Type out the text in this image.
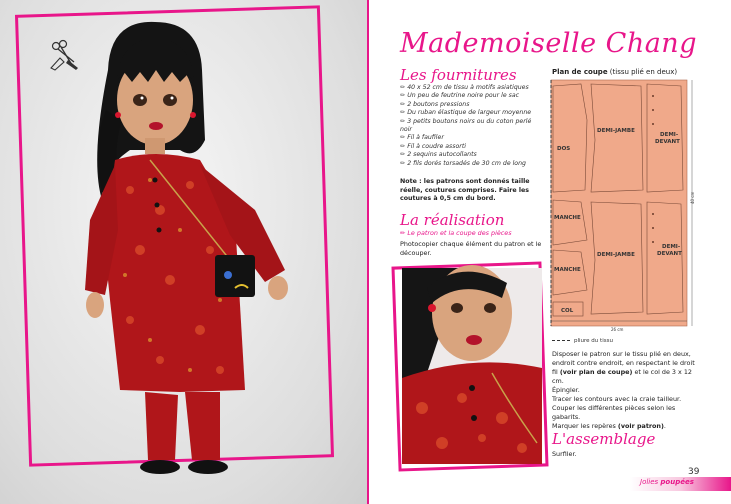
Mademoiselle Chang
Les fournitures
✏ 40 x 52 cm de tissu à motifs asiatiques
✏ Un peu de feutrine noire pour le sac
✏ 2 boutons pressions
✏ Du ruban élastique de largeur moyenne
✏ 3 petits boutons noirs ou du coton perlé noir
✏ Fil à faufiler
✏ Fil à coudre assorti
✏ 2 sequins autocollants
✏ 2 fils dorés torsadés de 30 cm de long
Note : les patrons sont donnés taille réelle, coutures comprises. Faire les coutures à 0,5 cm du bord.
La réalisation
✏ Le patron et la coupe des pièces
Photocopier chaque élément du patron et le découper.
Plan de coupe (tissu plié en deux)
DOS
DEMI-JAMBE
DEMI-
DEVANT
MANCHE
MANCHE
DEMI-JAMBE
DEMI-
DEVANT
COL
26 cm
40 cm
pliure du tissu
Disposer le patron sur le tissu plié en deux, endroit contre endroit, en respectant le droit fil (voir plan de coupe) et le col de 3 x 12 cm.
Épingler.
Tracer les contours avec la craie tailleur.
Couper les différentes pièces selon les gabarits.
Marquer les repères (voir patron).
L'assemblage
Surfiler.
39
Jolies poupées
